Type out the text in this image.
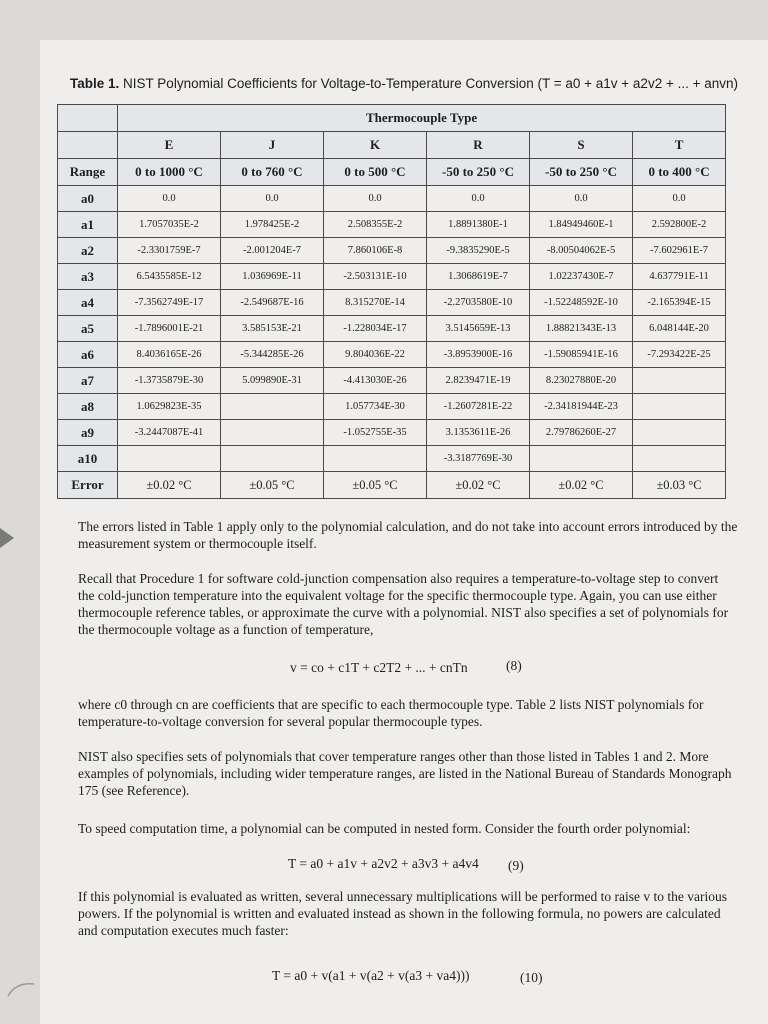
Table 1. NIST Polynomial Coefficients for Voltage-to-Temperature Conversion (T = a0 + a1v + a2v2 + ... + anvn)
	Thermocouple Type					
	E	J	K	R	S	T
Range	0 to 1000 °C	0 to 760 °C	0 to 500 °C	-50 to 250 °C	-50 to 250 °C	0 to 400 °C
a0	0.0	0.0	0.0	0.0	0.0	0.0
a1	1.7057035E-2	1.978425E-2	2.508355E-2	1.8891380E-1	1.84949460E-1	2.592800E-2
a2	-2.3301759E-7	-2.001204E-7	7.860106E-8	-9.3835290E-5	-8.00504062E-5	-7.602961E-7
a3	6.5435585E-12	1.036969E-11	-2.503131E-10	1.3068619E-7	1.02237430E-7	4.637791E-11
a4	-7.3562749E-17	-2.549687E-16	8.315270E-14	-2.2703580E-10	-1.52248592E-10	-2.165394E-15
a5	-1.7896001E-21	3.585153E-21	-1.228034E-17	3.5145659E-13	1.88821343E-13	6.048144E-20
a6	8.4036165E-26	-5.344285E-26	9.804036E-22	-3.8953900E-16	-1.59085941E-16	-7.293422E-25
a7	-1.3735879E-30	5.099890E-31	-4.413030E-26	2.8239471E-19	8.23027880E-20	
a8	1.0629823E-35		1.057734E-30	-1.2607281E-22	-2.34181944E-23	
a9	-3.2447087E-41		-1.052755E-35	3.1353611E-26	2.79786260E-27	
a10				-3.3187769E-30		
Error	±0.02 °C	±0.05 °C	±0.05 °C	±0.02 °C	±0.02 °C	±0.03 °C
The errors listed in Table 1 apply only to the polynomial calculation, and do not take into account errors introduced by the measurement system or thermocouple itself.
Recall that Procedure 1 for software cold-junction compensation also requires a temperature-to-voltage step to convert the cold-junction temperature into the equivalent voltage for the specific thermocouple type. Again, you can use either thermocouple reference tables, or approximate the curve with a polynomial. NIST also specifies a set of polynomials for the thermocouple voltage as a function of temperature,
v = co + c1T + c2T2 + ... + cnTn	(8)
where c0 through cn are coefficients that are specific to each thermocouple type. Table 2 lists NIST polynomials for temperature-to-voltage conversion for several popular thermocouple types.
NIST also specifies sets of polynomials that cover temperature ranges other than those listed in Tables 1 and 2. More examples of polynomials, including wider temperature ranges, are listed in the National Bureau of Standards Monograph 175 (see Reference).
To speed computation time, a polynomial can be computed in nested form. Consider the fourth order polynomial:
T = a0 + a1v + a2v2 + a3v3 + a4v4 (9)
If this polynomial is evaluated as written, several unnecessary multiplications will be performed to raise v to the various powers. If the polynomial is written and evaluated instead as shown in the following formula, no powers are calculated and computation executes much faster:
T = a0 + v(a1 + v(a2 + v(a3 + va4)))	(10)
